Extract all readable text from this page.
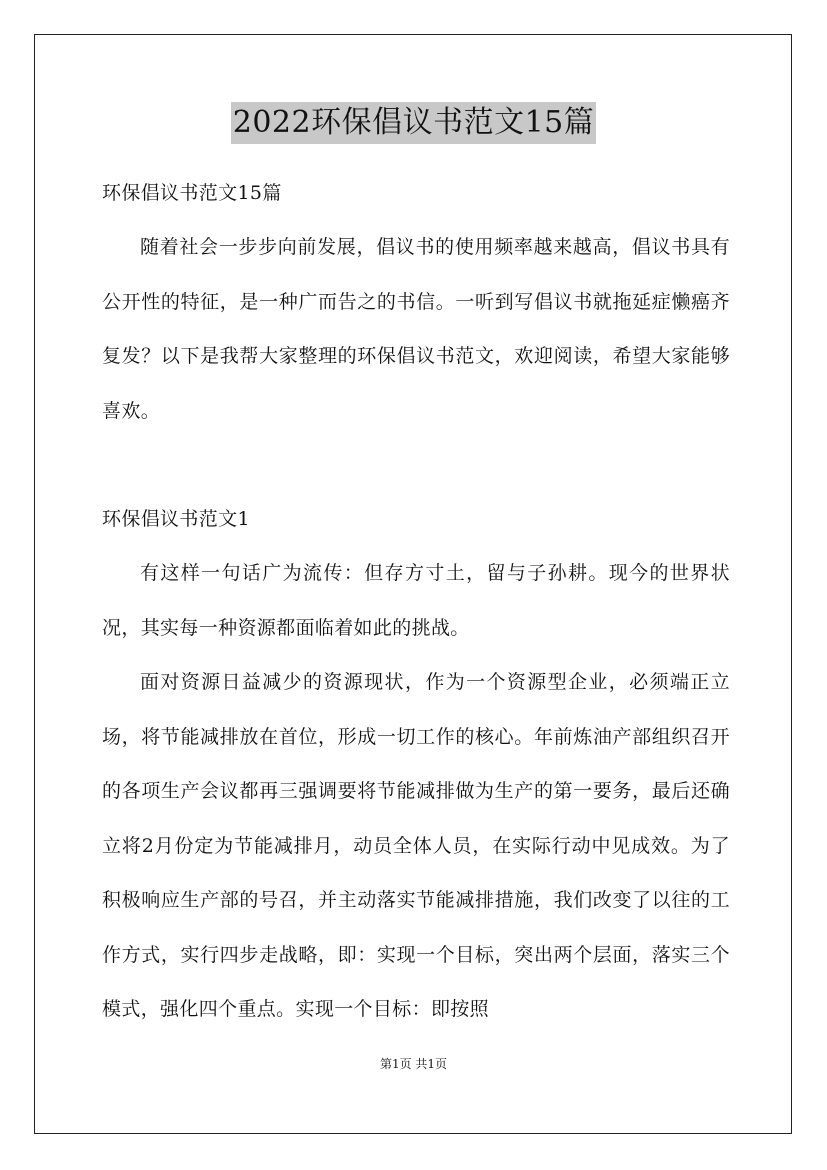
2022环保倡议书范文15篇

环保倡议书范文15篇

随着社会一步步向前发展，倡议书的使用频率越来越高，倡议书具有公开性的特征，是一种广而告之的书信。一听到写倡议书就拖延症懒癌齐复发？以下是我帮大家整理的环保倡议书范文，欢迎阅读，希望大家能够喜欢。

环保倡议书范文1

有这样一句话广为流传：但存方寸土，留与子孙耕。现今的世界状况，其实每一种资源都面临着如此的挑战。

面对资源日益减少的资源现状，作为一个资源型企业，必须端正立场，将节能减排放在首位，形成一切工作的核心。年前炼油产部组织召开的各项生产会议都再三强调要将节能减排做为生产的第一要务，最后还确立将2月份定为节能减排月，动员全体人员，在实际行动中见成效。为了积极响应生产部的号召，并主动落实节能减排措施，我们改变了以往的工作方式，实行四步走战略，即：实现一个目标，突出两个层面，落实三个模式，强化四个重点。实现一个目标：即按照

第1页 共1页
